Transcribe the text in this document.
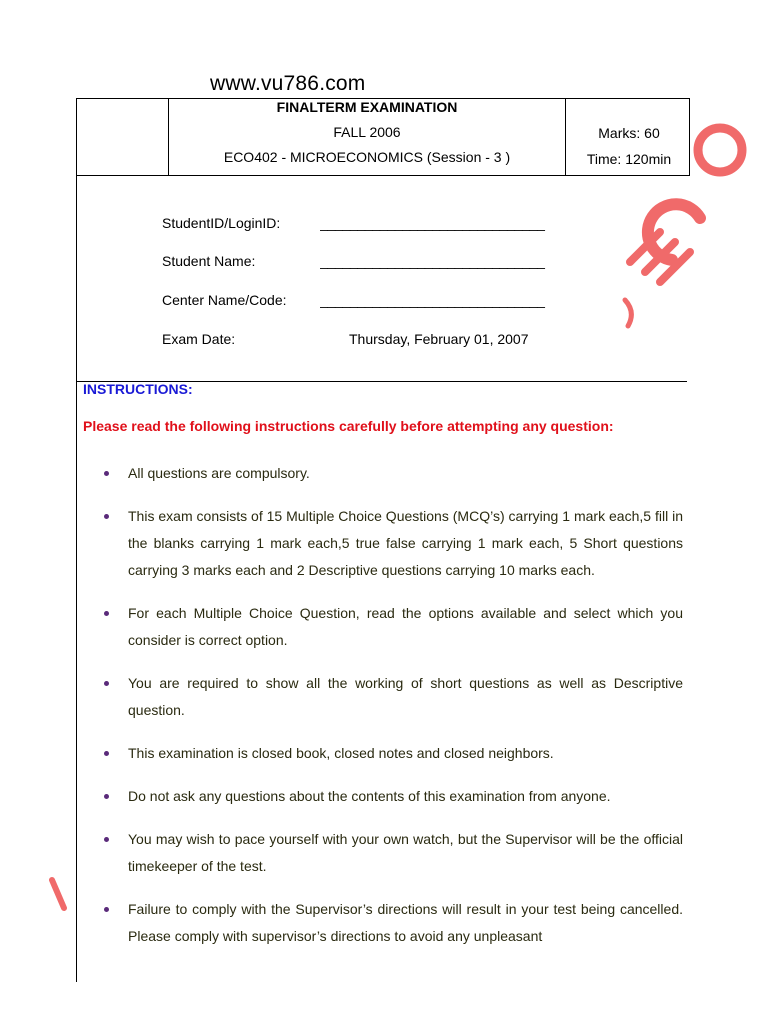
www.vu786.com
FINALTERM EXAMINATION
FALL 2006
ECO402 - MICROECONOMICS (Session - 3 )
Marks: 60
Time: 120min
StudentID/LoginID:	______________________________
Student Name:	______________________________
Center Name/Code: ______________________________
Exam Date:	Thursday, February 01, 2007
INSTRUCTIONS:
Please read the following instructions carefully before attempting any question:
All questions are compulsory.
This exam consists of 15 Multiple Choice Questions (MCQ’s) carrying 1 mark each,5 fill in the blanks carrying 1 mark each,5 true false carrying 1 mark each, 5 Short questions carrying 3 marks each and 2 Descriptive questions carrying 10 marks each.
For each Multiple Choice Question, read the options available and select which you consider is correct option.
You are required to show all the working of short questions as well as Descriptive question.
This examination is closed book, closed notes and closed neighbors.
Do not ask any questions about the contents of this examination from anyone.
You may wish to pace yourself with your own watch, but the Supervisor will be the official timekeeper of the test.
Failure to comply with the Supervisor’s directions will result in your test being cancelled. Please comply with supervisor’s directions to avoid any unpleasant
